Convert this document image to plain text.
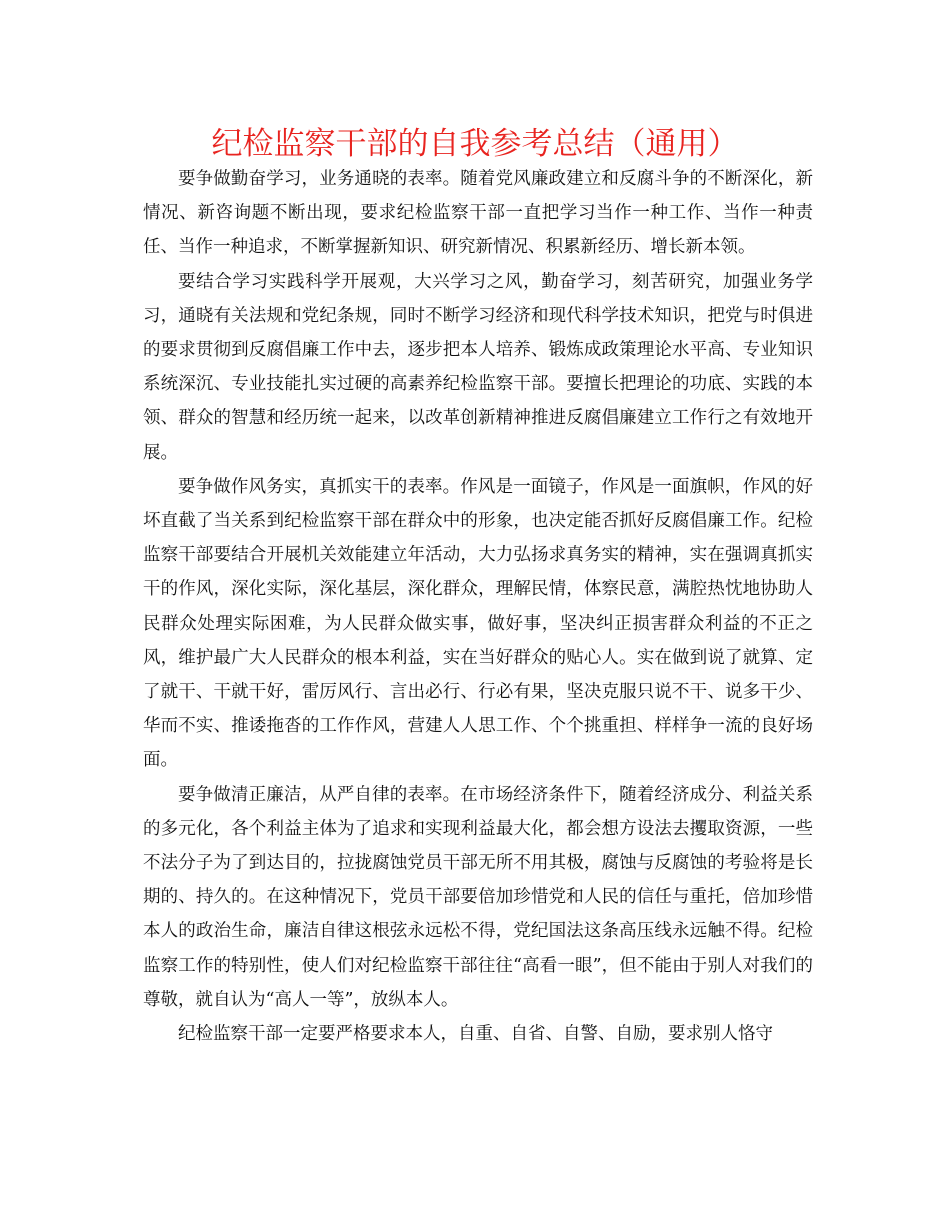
纪检监察干部的自我参考总结（通用）

要争做勤奋学习，业务通晓的表率。随着党风廉政建立和反腐斗争的不断深化，新情况、新咨询题不断出现，要求纪检监察干部一直把学习当作一种工作、当作一种责任、当作一种追求，不断掌握新知识、研究新情况、积累新经历、增长新本领。

要结合学习实践科学开展观，大兴学习之风，勤奋学习，刻苦研究，加强业务学习，通晓有关法规和党纪条规，同时不断学习经济和现代科学技术知识，把党与时俱进的要求贯彻到反腐倡廉工作中去，逐步把本人培养、锻炼成政策理论水平高、专业知识系统深沉、专业技能扎实过硬的高素养纪检监察干部。要擅长把理论的功底、实践的本领、群众的智慧和经历统一起来，以改革创新精神推进反腐倡廉建立工作行之有效地开展。

要争做作风务实，真抓实干的表率。作风是一面镜子，作风是一面旗帜，作风的好坏直截了当关系到纪检监察干部在群众中的形象，也决定能否抓好反腐倡廉工作。纪检监察干部要结合开展机关效能建立年活动，大力弘扬求真务实的精神，实在强调真抓实干的作风，深化实际，深化基层，深化群众，理解民情，体察民意，满腔热忱地协助人民群众处理实际困难，为人民群众做实事，做好事，坚决纠正损害群众利益的不正之风，维护最广大人民群众的根本利益，实在当好群众的贴心人。实在做到说了就算、定了就干、干就干好，雷厉风行、言出必行、行必有果，坚决克服只说不干、说多干少、华而不实、推诿拖沓的工作作风，营建人人思工作、个个挑重担、样样争一流的良好场面。

要争做清正廉洁，从严自律的表率。在市场经济条件下，随着经济成分、利益关系的多元化，各个利益主体为了追求和实现利益最大化，都会想方设法去攫取资源，一些不法分子为了到达目的，拉拢腐蚀党员干部无所不用其极，腐蚀与反腐蚀的考验将是长期的、持久的。在这种情况下，党员干部要倍加珍惜党和人民的信任与重托，倍加珍惜本人的政治生命，廉洁自律这根弦永远松不得，党纪国法这条高压线永远触不得。纪检监察工作的特别性，使人们对纪检监察干部往往“高看一眼”，但不能由于别人对我们的尊敬，就自认为“高人一等”，放纵本人。

纪检监察干部一定要严格要求本人，自重、自省、自警、自励，要求别人恪守
